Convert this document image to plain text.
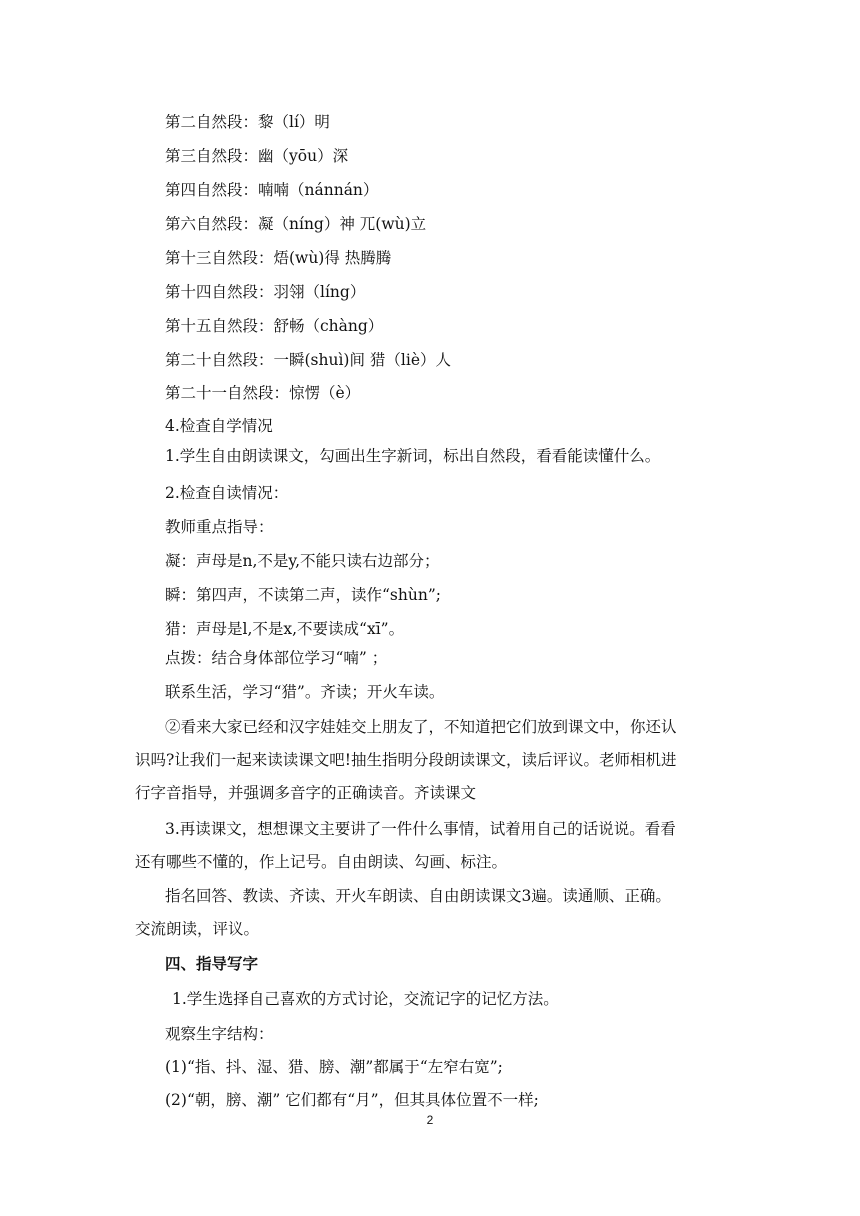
第二自然段：黎（lí）明
第三自然段：幽（yōu）深
第四自然段：喃喃（nánnán）
第六自然段：凝（níng）神 兀(wù)立
第十三自然段：焐(wù)得 热腾腾
第十四自然段：羽翎（líng）
第十五自然段：舒畅（chàng）
第二十自然段：一瞬(shuì)间 猎（liè）人
第二十一自然段：惊愣（è）
4.检查自学情况
1.学生自由朗读课文，勾画出生字新词，标出自然段，看看能读懂什么。
2.检查自读情况：
教师重点指导：
凝：声母是n,不是y,不能只读右边部分；
瞬：第四声，不读第二声，读作“shùn”;
猎：声母是l,不是x,不要读成“xī”。
点拨：结合身体部位学习“喃” ；
联系生活，学习“猎”。齐读；开火车读。
②看来大家已经和汉字娃娃交上朋友了，不知道把它们放到课文中，你还认
识吗?让我们一起来读读课文吧!抽生指明分段朗读课文，读后评议。老师相机进
行字音指导，并强调多音字的正确读音。齐读课文
3.再读课文，想想课文主要讲了一件什么事情，试着用自己的话说说。看看
还有哪些不懂的，作上记号。自由朗读、勾画、标注。
指名回答、教读、齐读、开火车朗读、自由朗读课文3遍。读通顺、正确。
交流朗读，评议。
四、指导写字
1.学生选择自己喜欢的方式讨论，交流记字的记忆方法。
观察生字结构：
(1)“指、抖、湿、猎、膀、潮”都属于“左窄右宽”;
(2)“朝，膀、潮” 它们都有“月”，但其具体位置不一样;
2
